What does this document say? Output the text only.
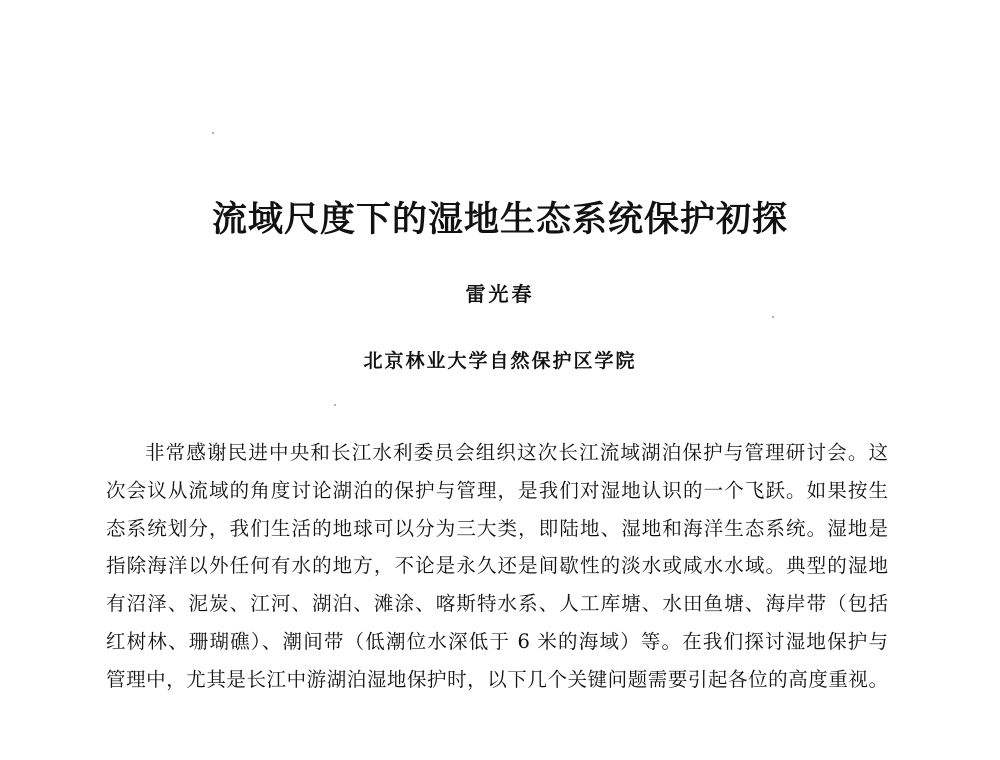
流域尺度下的湿地生态系统保护初探
雷光春
北京林业大学自然保护区学院
非常感谢民进中央和长江水利委员会组织这次长江流域湖泊保护与管理研讨会。这
次会议从流域的角度讨论湖泊的保护与管理，是我们对湿地认识的一个飞跃。如果按生
态系统划分，我们生活的地球可以分为三大类，即陆地、湿地和海洋生态系统。湿地是
指除海洋以外任何有水的地方，不论是永久还是间歇性的淡水或咸水水域。典型的湿地
有沼泽、泥炭、江河、湖泊、滩涂、喀斯特水系、人工库塘、水田鱼塘、海岸带（包括
红树林、珊瑚礁）、潮间带（低潮位水深低于 6 米的海域）等。在我们探讨湿地保护与
管理中，尤其是长江中游湖泊湿地保护时，以下几个关键问题需要引起各位的高度重视。
